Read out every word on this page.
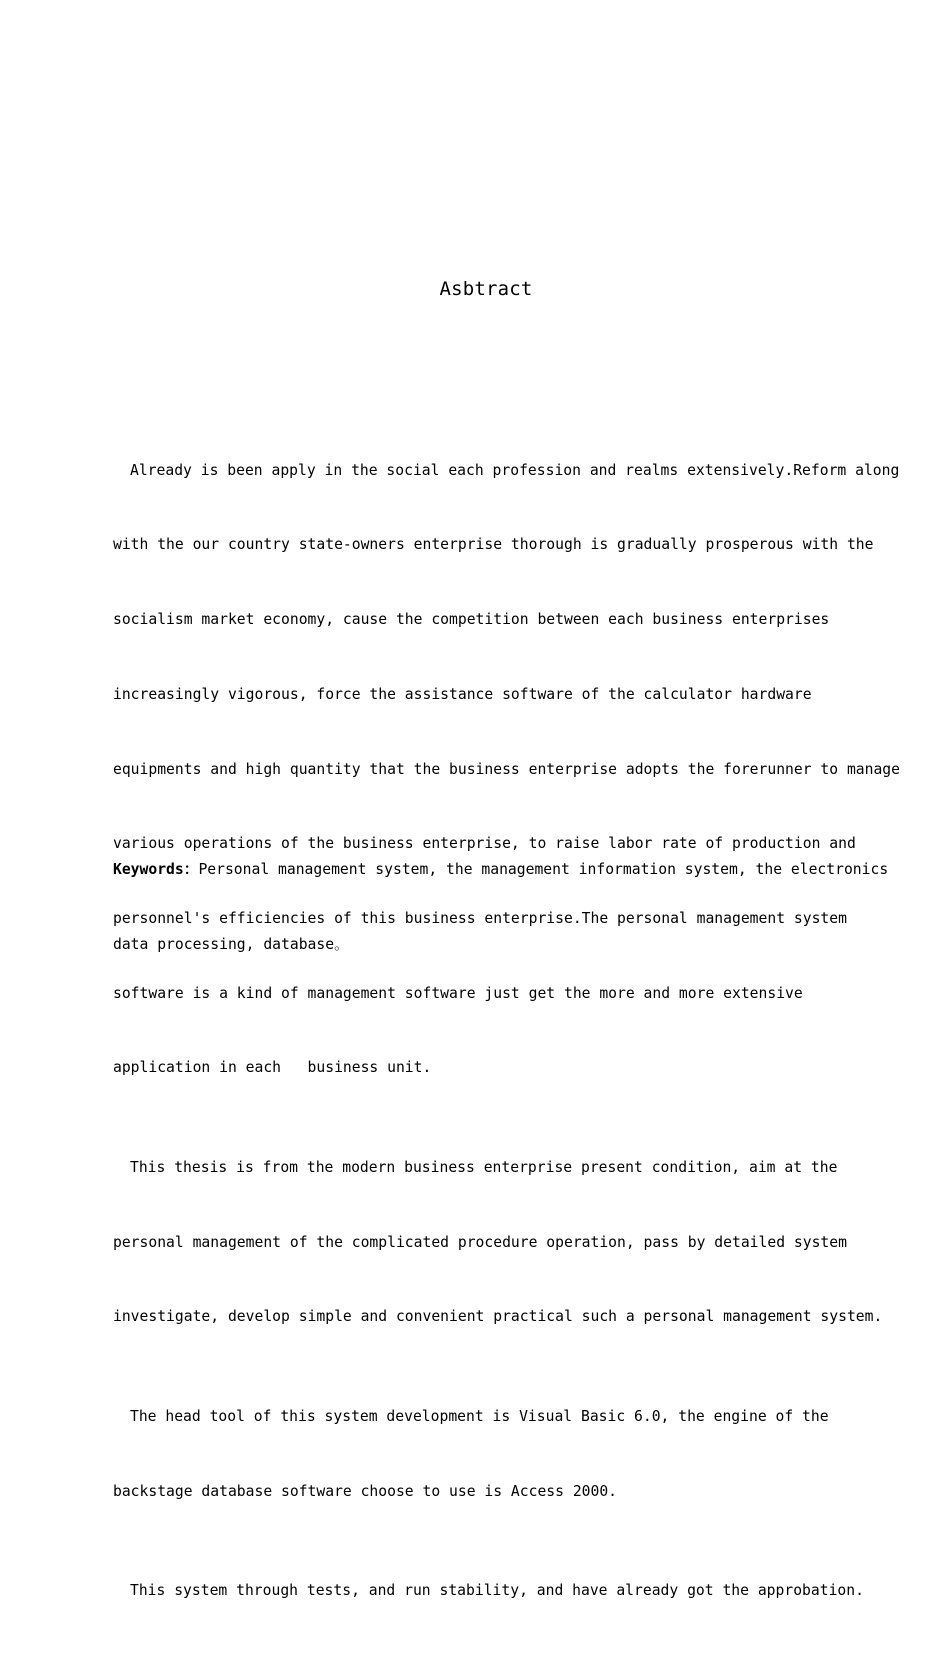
Asbtract

Already is been apply in the social each profession and realms extensively.Reform along

with the our country state-owners enterprise thorough is gradually prosperous with the

socialism market economy, cause the competition between each business enterprises

increasingly vigorous, force the assistance software of the calculator hardware

equipments and high quantity that the business enterprise adopts the forerunner to manage

various operations of the business enterprise, to raise labor rate of production and

personnel's efficiencies of this business enterprise.The personal management system

software is a kind of management software just get the more and more extensive

application in each   business unit.

This thesis is from the modern business enterprise present condition, aim at the

personal management of the complicated procedure operation, pass by detailed system

investigate, develop simple and convenient practical such a personal management system.

The head tool of this system development is Visual Basic 6.0, the engine of the

backstage database software choose to use is Access 2000.

This system through tests, and run stability, and have already got the approbation.

Keywords：Personal management system, the management information system, the electronics

data processing, database。
